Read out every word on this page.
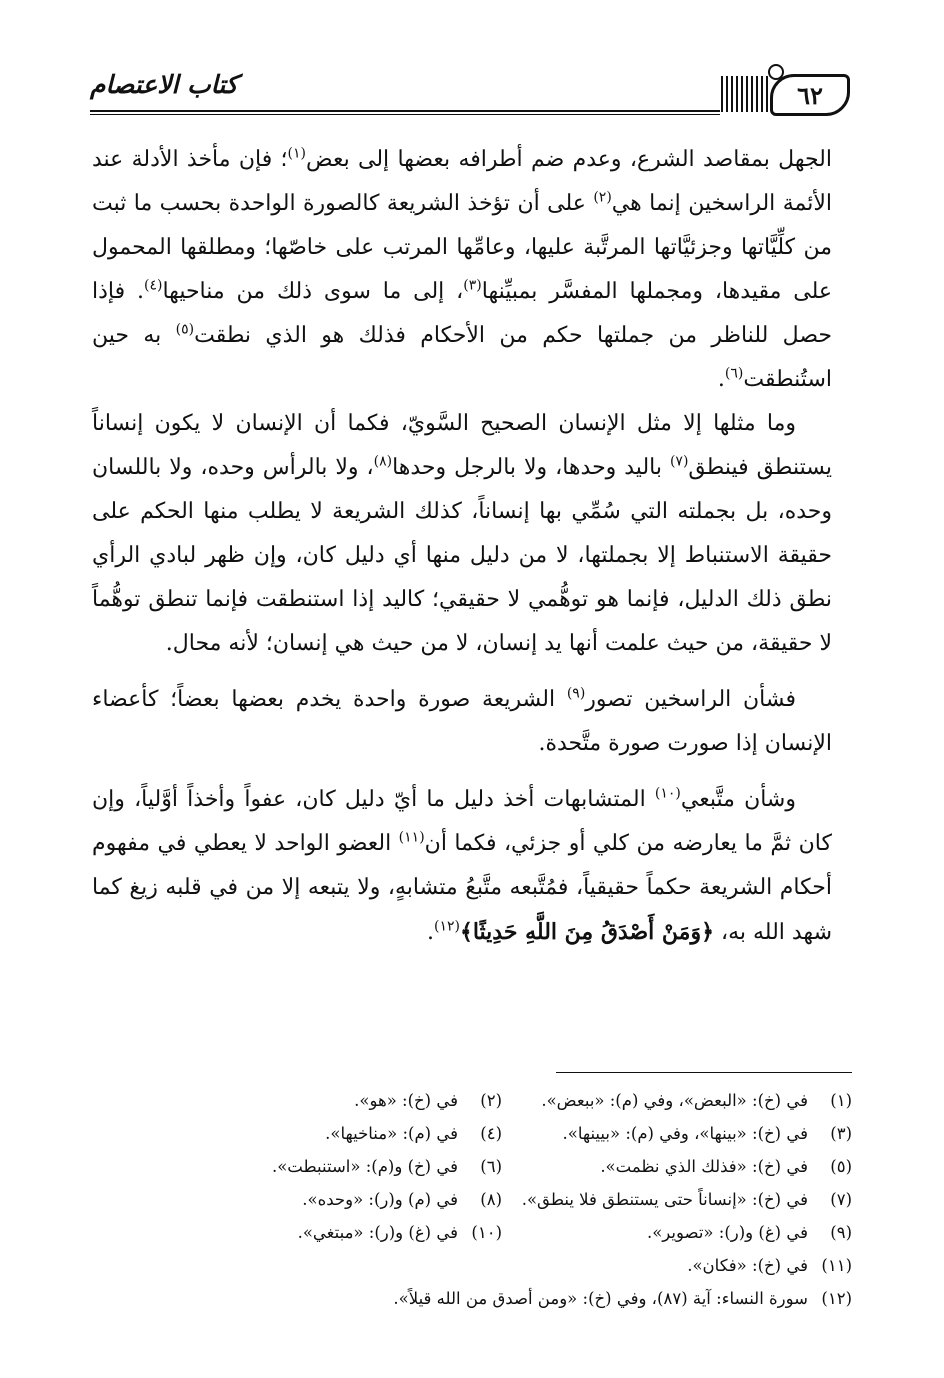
٦٢
كتاب الاعتصام

الجهل بمقاصد الشرع، وعدم ضم أطرافه بعضها إلى بعض$^{(١)}$؛ فإن مأخذ الأدلة عند الأئمة الراسخين إنما هي$^{(٢)}$ على أن تؤخذ الشريعة كالصورة الواحدة بحسب ما ثبت من كلِّيَّاتها وجزئيَّاتها المرتَّبة عليها، وعامِّها المرتب على خاصّها؛ ومطلقها المحمول على مقيدها، ومجملها المفسَّر بمبيِّنها$^{(٣)}$، إلى ما سوى ذلك من مناحيها$^{(٤)}$. فإذا حصل للناظر من جملتها حكم من الأحكام فذلك هو الذي نطقت$^{(٥)}$ به حين استُنطقت$^{(٦)}$.

وما مثلها إلا مثل الإنسان الصحيح السَّويّ، فكما أن الإنسان لا يكون إنساناً يستنطق فينطق$^{(٧)}$ باليد وحدها، ولا بالرجل وحدها$^{(٨)}$، ولا بالرأس وحده، ولا باللسان وحده، بل بجملته التي سُمِّي بها إنساناً، كذلك الشريعة لا يطلب منها الحكم على حقيقة الاستنباط إلا بجملتها، لا من دليل منها أي دليل كان، وإن ظهر لبادي الرأي نطق ذلك الدليل، فإنما هو توهُّمي لا حقيقي؛ كاليد إذا استنطقت فإنما تنطق توهُّماً لا حقيقة، من حيث علمت أنها يد إنسان، لا من حيث هي إنسان؛ لأنه محال.

فشأن الراسخين تصور$^{(٩)}$ الشريعة صورة واحدة يخدم بعضها بعضاً؛ كأعضاء الإنسان إذا صورت صورة متَّحدة.

وشأن متَّبعي$^{(١٠)}$ المتشابهات أخذ دليل ما أيّ دليل كان، عفواً وأخذاً أوَّلياً، وإن كان ثمَّ ما يعارضه من كلي أو جزئي، فكما أن$^{(١١)}$ العضو الواحد لا يعطي في مفهوم أحكام الشريعة حكماً حقيقياً، فمُتَّبعه متَّبعُ متشابهٍ، ولا يتبعه إلا من في قلبه زيغ كما شهد الله به، ﴿وَمَنْ أَصْدَقُ مِنَ اللَّهِ حَدِيثًا﴾$^{(١٢)}$.

(١)
في (خ): «البعض»، وفي (م): «ببعض».
(٢)
في (خ): «هو».
(٣)
في (خ): «بينها»، وفي (م): «بيينها».
(٤)
في (م): «مناخيها».
(٥)
في (خ): «فذلك الذي نظمت».
(٦)
في (خ) و(م): «استنبطت».
(٧)
في (خ): «إنساناً حتى يستنطق فلا ينطق».
(٨)
في (م) و(ر): «وحده».
(٩)
في (غ) و(ر): «تصوير».
(١٠)
في (غ) و(ر): «مبتغي».
(١١)
في (خ): «فكان».
(١٢)
سورة النساء: آية (٨٧)، وفي (خ): «ومن أصدق من الله قيلاً».
